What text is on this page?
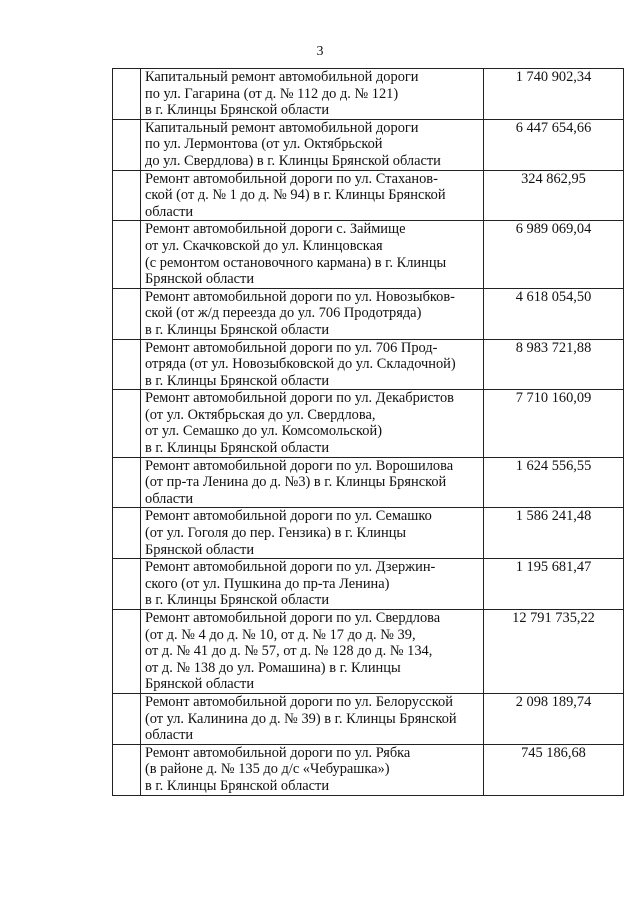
3

	Капитальный ремонт автомобильной дороги
по ул. Гагарина (от д. № 112 до д. № 121)
в г. Клинцы Брянской области	1 740 902,34

	Капитальный ремонт автомобильной дороги
по ул. Лермонтова (от ул. Октябрьской
до ул. Свердлова) в г. Клинцы Брянской области	6 447 654,66

	Ремонт автомобильной дороги по ул. Стаханов-
ской (от д. № 1 до д. № 94) в г. Клинцы Брянской
области	324 862,95

	Ремонт автомобильной дороги с. Займище
от ул. Скачковской до ул. Клинцовская
(с ремонтом остановочного кармана) в г. Клинцы
Брянской области	6 989 069,04

	Ремонт автомобильной дороги по ул. Новозыбков-
ской (от ж/д переезда до ул. 706 Продотряда)
в г. Клинцы Брянской области	4 618 054,50

	Ремонт автомобильной дороги по ул. 706 Прод-
отряда (от ул. Новозыбковской до ул. Складочной)
в г. Клинцы Брянской области	8 983 721,88

	Ремонт автомобильной дороги по ул. Декабристов
(от ул. Октябрьская до ул. Свердлова,
от ул. Семашко до ул. Комсомольской)
в г. Клинцы Брянской области	7 710 160,09

	Ремонт автомобильной дороги по ул. Ворошилова
(от пр-та Ленина до д. №3) в г. Клинцы Брянской
области	1 624 556,55

	Ремонт автомобильной дороги по ул. Семашко
(от ул. Гоголя до пер. Гензика) в г. Клинцы
Брянской области	1 586 241,48

	Ремонт автомобильной дороги по ул. Дзержин-
ского (от ул. Пушкина до пр-та Ленина)
в г. Клинцы Брянской области	1 195 681,47

	Ремонт автомобильной дороги по ул. Свердлова
(от д. № 4 до д. № 10, от д. № 17 до д. № 39,
от д. № 41 до д. № 57, от д. № 128 до д. № 134,
от д. № 138 до ул. Ромашина) в г. Клинцы
Брянской области	12 791 735,22

	Ремонт автомобильной дороги по ул. Белорусской
(от ул. Калинина до д. № 39) в г. Клинцы Брянской
области	2 098 189,74

	Ремонт автомобильной дороги по ул. Рябка
(в районе д. № 135 до д/с «Чебурашка»)
в г. Клинцы Брянской области	745 186,68
